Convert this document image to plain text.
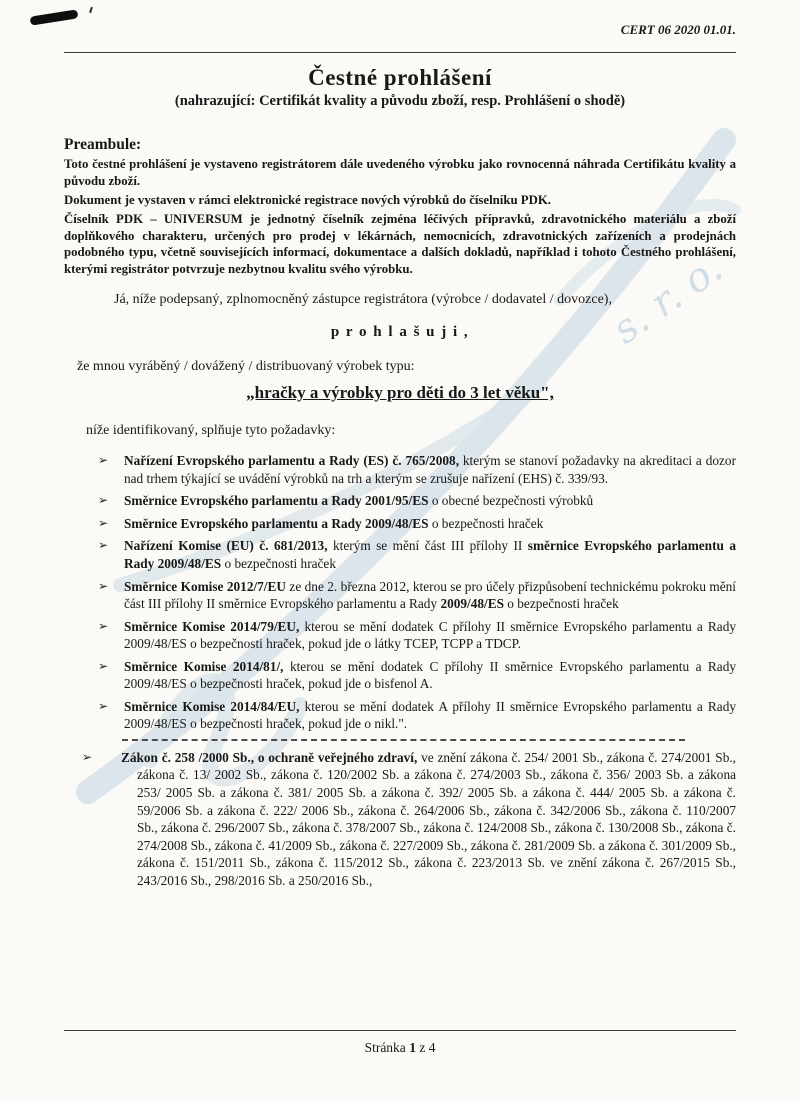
s. r. o.
CERT 06 2020 01.01.
Čestné prohlášení
(nahrazující: Certifikát kvality a původu zboží, resp. Prohlášení o shodě)
Preambule:

Toto čestné prohlášení je vystaveno registrátorem dále uvedeného výrobku jako rovnocenná náhrada Certifikátu kvality a původu zboží.

Dokument je vystaven v rámci elektronické registrace nových výrobků do číselníku PDK.

Číselník PDK – UNIVERSUM je jednotný číselník zejména léčivých přípravků, zdravotnického materiálu a zboží doplňkového charakteru, určených pro prodej v lékárnách, nemocnicích, zdravotnických zařízeních a prodejnách podobného typu, včetně souvisejících informací, dokumentace a dalších dokladů, například i tohoto Čestného prohlášení, kterými registrátor potvrzuje nezbytnou kvalitu svého výrobku.

Já, níže podepsaný, zplnomocněný zástupce registrátora (výrobce / dodavatel / dovozce),

p r o h l a š u j i ,

že mnou vyráběný / dovážený / distribuovaný výrobek typu:

„hračky a výrobky pro děti do 3 let věku",

níže identifikovaný, splňuje tyto požadavky:

➢ Nařízení Evropského parlamentu a Rady (ES) č. 765/2008, kterým se stanoví požadavky na akreditaci a dozor nad trhem týkající se uvádění výrobků na trh a kterým se zrušuje nařízení (EHS) č. 339/93.
➢ Směrnice Evropského parlamentu a Rady 2001/95/ES o obecné bezpečnosti výrobků
➢ Směrnice Evropského parlamentu a Rady 2009/48/ES o bezpečnosti hraček
➢ Nařízení Komise (EU) č. 681/2013, kterým se mění část III přílohy II směrnice Evropského parlamentu a Rady 2009/48/ES o bezpečnosti hraček
➢ Směrnice Komise 2012/7/EU ze dne 2. března 2012, kterou se pro účely přizpůsobení technickému pokroku mění část III přílohy II směrnice Evropského parlamentu a Rady 2009/48/ES o bezpečnosti hraček
➢ Směrnice Komise 2014/79/EU, kterou se mění dodatek C přílohy II směrnice Evropského parlamentu a Rady 2009/48/ES o bezpečnosti hraček, pokud jde o látky TCEP, TCPP a TDCP.
➢ Směrnice Komise 2014/81/, kterou se mění dodatek C přílohy II směrnice Evropského parlamentu a Rady 2009/48/ES o bezpečnosti hraček, pokud jde o bisfenol A.
➢ Směrnice Komise 2014/84/EU, kterou se mění dodatek A přílohy II směrnice Evropského parlamentu a Rady 2009/48/ES o bezpečnosti hraček, pokud jde o nikl.".
➢	Zákon č. 258 /2000 Sb., o ochraně veřejného zdraví, ve znění zákona č. 254/ 2001 Sb., zákona č. 274/2001 Sb., zákona č. 13/ 2002 Sb., zákona č. 120/2002 Sb. a zákona č. 274/2003 Sb., zákona č. 356/ 2003 Sb. a zákona 253/ 2005 Sb. a zákona č. 381/ 2005 Sb. a zákona č. 392/ 2005 Sb. a zákona č. 444/ 2005 Sb. a zákona č. 59/2006 Sb. a zákona č. 222/ 2006 Sb., zákona č. 264/2006 Sb., zákona č. 342/2006 Sb., zákona č. 110/2007 Sb., zákona č. 296/2007 Sb., zákona č. 378/2007 Sb., zákona č. 124/2008 Sb., zákona č. 130/2008 Sb., zákona č. 274/2008 Sb., zákona č. 41/2009 Sb., zákona č. 227/2009 Sb., zákona č. 281/2009 Sb. a zákona č. 301/2009 Sb., zákona č. 151/2011 Sb., zákona č. 115/2012 Sb., zákona č. 223/2013 Sb. ve znění zákona č. 267/2015 Sb., 243/2016 Sb., 298/2016 Sb. a 250/2016 Sb.,
Stránka 1 z 4
